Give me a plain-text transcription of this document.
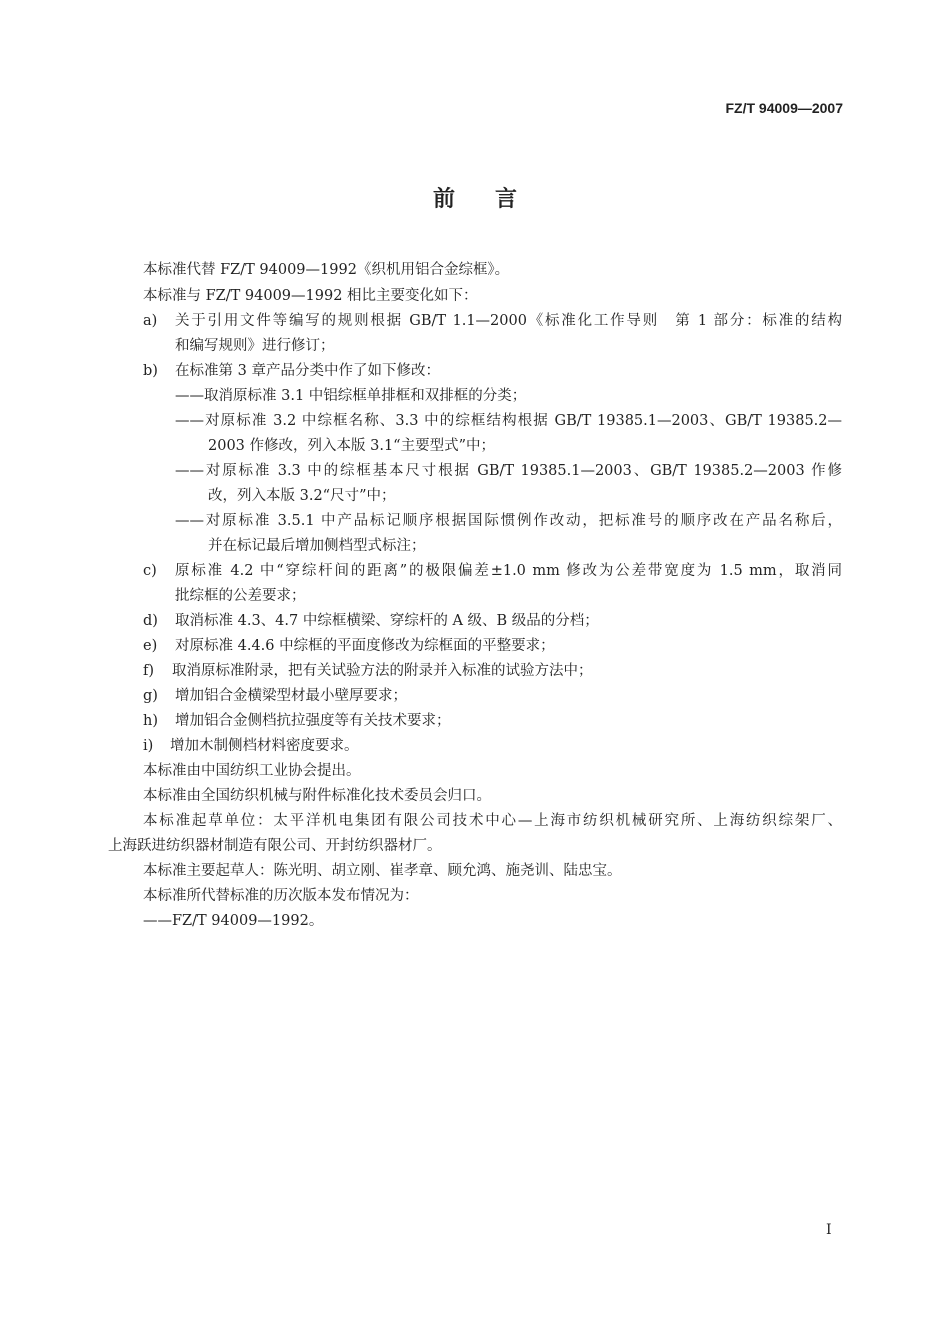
FZ/T 94009—2007
前言
本标准代替 FZ/T 94009—1992《织机用铝合金综框》。
本标准与 FZ/T 94009—1992 相比主要变化如下：
a) 关于引用文件等编写的规则根据 GB/T 1.1—2000《标准化工作导则　第 1 部分：标准的结构
和编写规则》进行修订；
b) 在标准第 3 章产品分类中作了如下修改：
——取消原标准 3.1 中铝综框单排框和双排框的分类；
——对原标准 3.2 中综框名称、3.3 中的综框结构根据 GB/T 19385.1—2003、GB/T 19385.2—
2003 作修改，列入本版 3.1“主要型式”中；
——对原标准 3.3 中的综框基本尺寸根据 GB/T 19385.1—2003、GB/T 19385.2—2003 作修
改，列入本版 3.2“尺寸”中；
——对原标准 3.5.1 中产品标记顺序根据国际惯例作改动，把标准号的顺序改在产品名称后，
并在标记最后增加侧档型式标注；
c) 原标准 4.2 中“穿综杆间的距离”的极限偏差±1.0 mm 修改为公差带宽度为 1.5 mm，取消同
批综框的公差要求；
d) 取消标准 4.3、4.7 中综框横梁、穿综杆的 A 级、B 级品的分档；
e) 对原标准 4.4.6 中综框的平面度修改为综框面的平整要求；
f) 取消原标准附录，把有关试验方法的附录并入标准的试验方法中；
g) 增加铝合金横梁型材最小壁厚要求；
h) 增加铝合金侧档抗拉强度等有关技术要求；
i) 增加木制侧档材料密度要求。
本标准由中国纺织工业协会提出。
本标准由全国纺织机械与附件标准化技术委员会归口。
本标准起草单位：太平洋机电集团有限公司技术中心—上海市纺织机械研究所、上海纺织综架厂、
上海跃进纺织器材制造有限公司、开封纺织器材厂。
本标准主要起草人：陈光明、胡立刚、崔孝章、顾允鸿、施尧训、陆忠宝。
本标准所代替标准的历次版本发布情况为：
——FZ/T 94009—1992。
I
